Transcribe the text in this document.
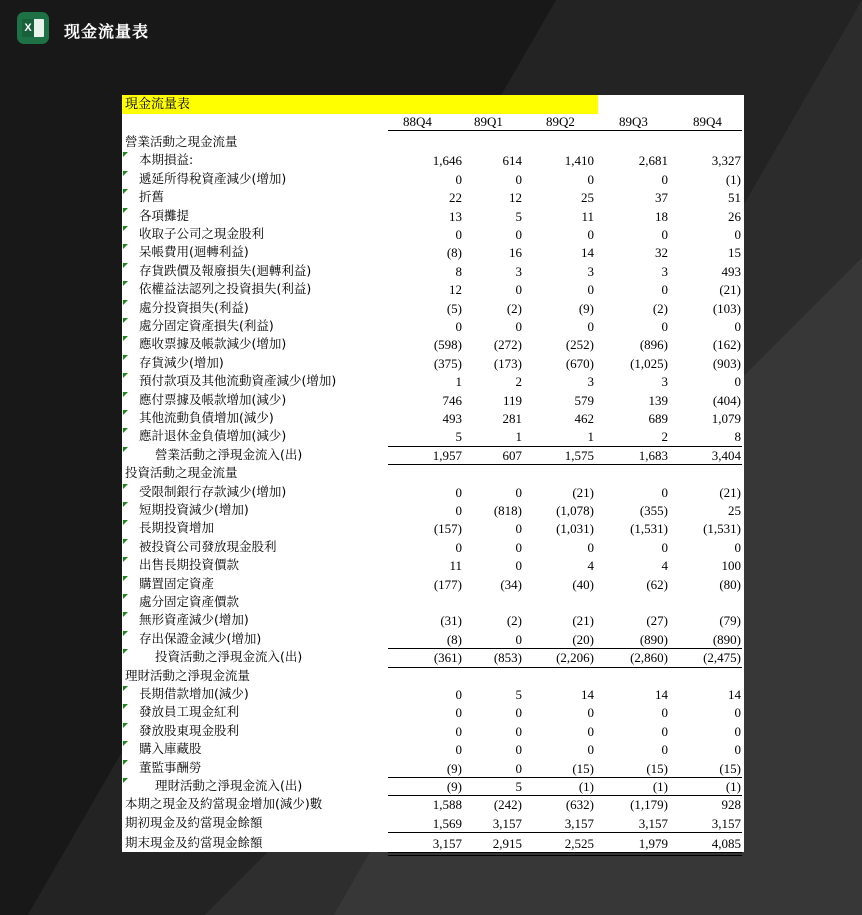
X 现金流量表
現金流量表
88Q4	89Q1	89Q2	89Q3	89Q4
營業活動之現金流量
本期損益:	1,646	614	1,410	2,681	3,327
遞延所得稅資產減少(增加)	0	0	0	0	(1)
折舊	22	12	25	37	51
各項攤提	13	5	11	18	26
收取子公司之現金股利	0	0	0	0	0
呆帳費用(迴轉利益)	(8)	16	14	32	15
存貨跌價及報廢損失(迴轉利益)	8	3	3	3	493
依權益法認列之投資損失(利益)	12	0	0	0	(21)
處分投資損失(利益)	(5)	(2)	(9)	(2)	(103)
處分固定資產損失(利益)	0	0	0	0	0
應收票據及帳款減少(增加)	(598)	(272)	(252)	(896)	(162)
存貨減少(增加)	(375)	(173)	(670)	(1,025)	(903)
預付款項及其他流動資產減少(增加)	1	2	3	3	0
應付票據及帳款增加(減少)	746	119	579	139	(404)
其他流動負債增加(減少)	493	281	462	689	1,079
應計退休金負債增加(減少)	5	1	1	2	8
營業活動之淨現金流入(出)	1,957	607	1,575	1,683	3,404
投資活動之現金流量
受限制銀行存款減少(增加)	0	0	(21)	0	(21)
短期投資減少(增加)	0	(818)	(1,078)	(355)	25
長期投資增加	(157)	0	(1,031)	(1,531)	(1,531)
被投資公司發放現金股利	0	0	0	0	0
出售長期投資價款	11	0	4	4	100
購置固定資產	(177)	(34)	(40)	(62)	(80)
處分固定資產價款
無形資產減少(增加)	(31)	(2)	(21)	(27)	(79)
存出保證金減少(增加)	(8)	0	(20)	(890)	(890)
投資活動之淨現金流入(出)	(361)	(853)	(2,206)	(2,860)	(2,475)
理財活動之淨現金流量
長期借款增加(減少)	0	5	14	14	14
發放員工現金紅利	0	0	0	0	0
發放股東現金股利	0	0	0	0	0
購入庫藏股	0	0	0	0	0
董監事酬勞	(9)	0	(15)	(15)	(15)
理財活動之淨現金流入(出)	(9)	5	(1)	(1)	(1)
本期之現金及約當現金增加(減少)數	1,588	(242)	(632)	(1,179)	928
期初現金及約當現金餘額	1,569	3,157	3,157	3,157	3,157
期末現金及約當現金餘額	3,157	2,915	2,525	1,979	4,085
